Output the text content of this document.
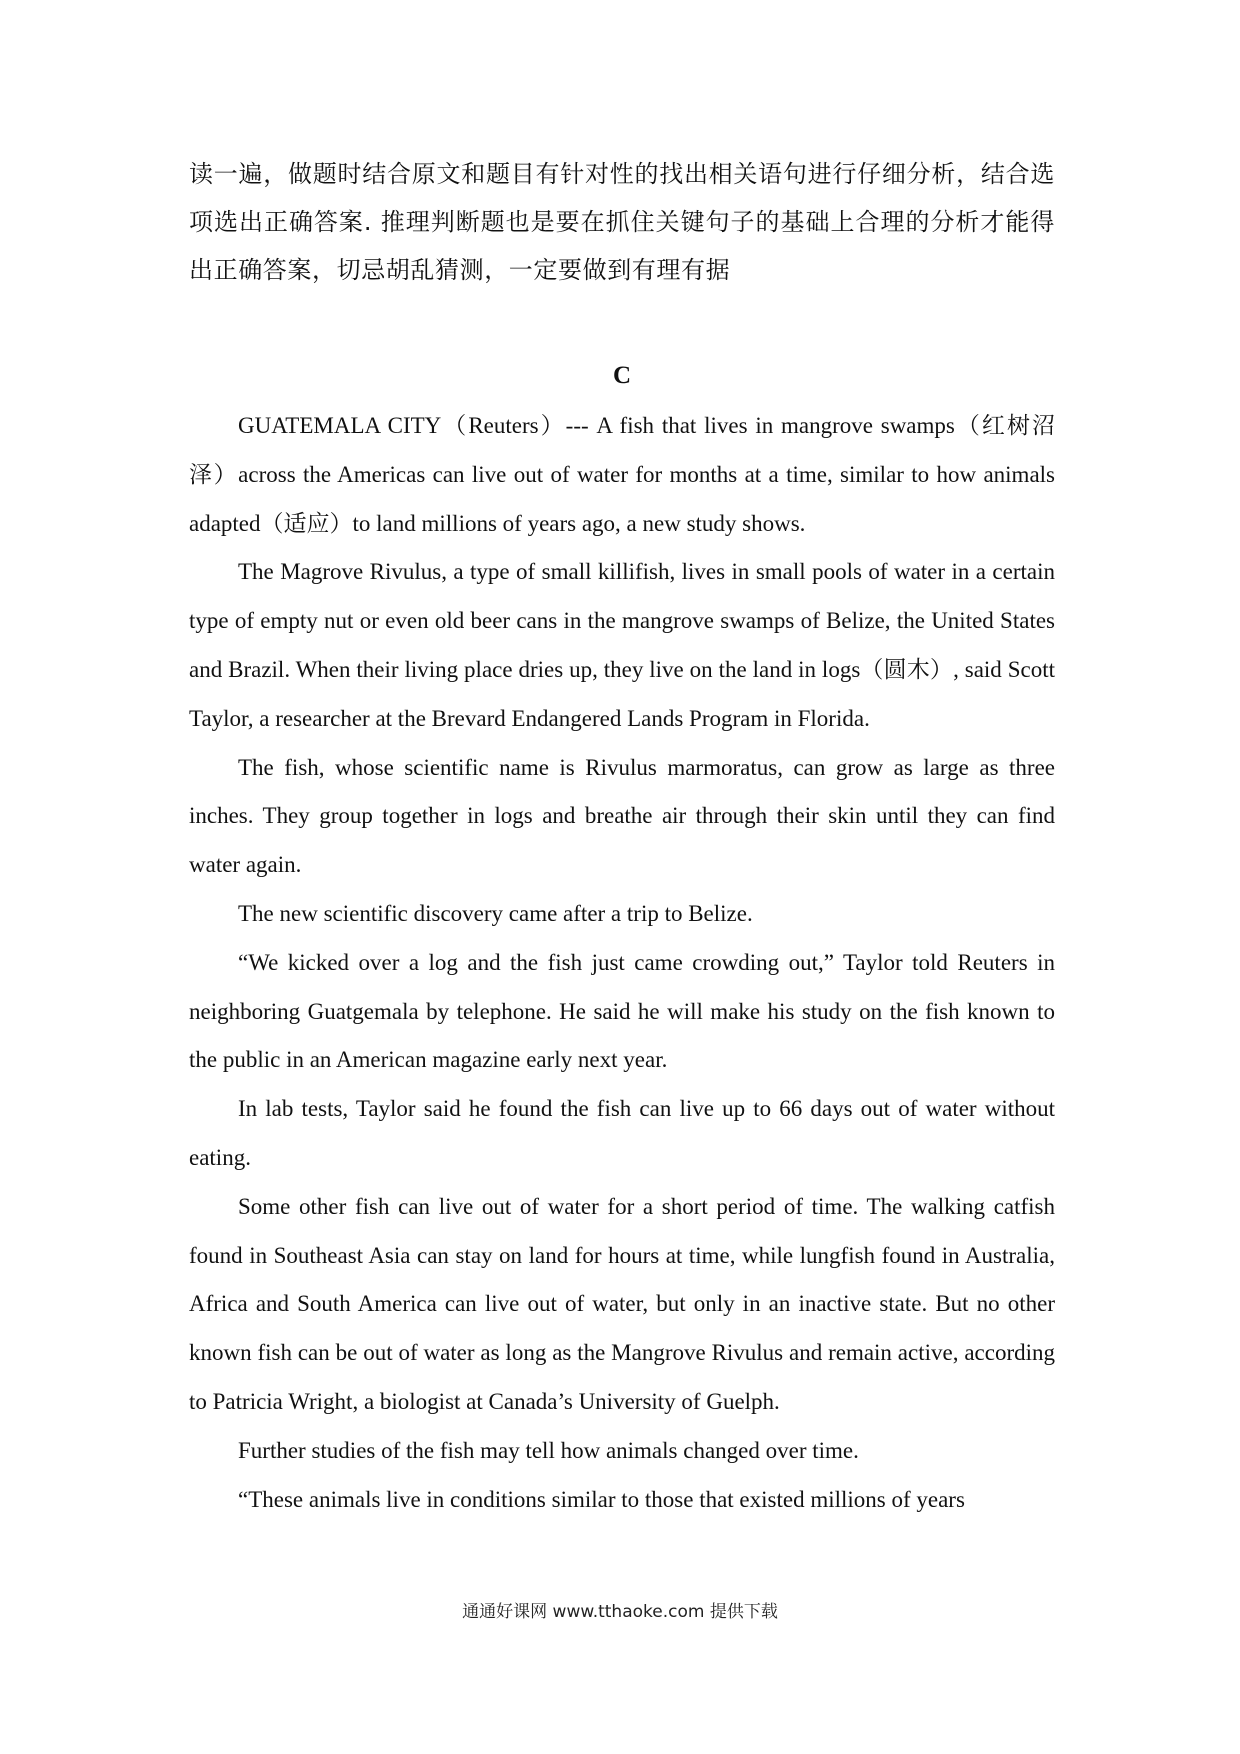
读一遍，做题时结合原文和题目有针对性的找出相关语句进行仔细分析，结合选项选出正确答案. 推理判断题也是要在抓住关键句子的基础上合理的分析才能得出正确答案，切忌胡乱猜测，一定要做到有理有据

C

GUATEMALA CITY（Reuters）--- A fish that lives in mangrove swamps（红树沼泽）across the Americas can live out of water for months at a time, similar to how animals adapted（适应）to land millions of years ago, a new study shows.

The Magrove Rivulus, a type of small killifish, lives in small pools of water in a certain type of empty nut or even old beer cans in the mangrove swamps of Belize, the United States and Brazil. When their living place dries up, they live on the land in logs（圆木）, said Scott Taylor, a researcher at the Brevard Endangered Lands Program in Florida.

The fish, whose scientific name is Rivulus marmoratus, can grow as large as three inches. They group together in logs and breathe air through their skin until they can find water again.

The new scientific discovery came after a trip to Belize.

“We kicked over a log and the fish just came crowding out,” Taylor told Reuters in neighboring Guatgemala by telephone. He said he will make his study on the fish known to the public in an American magazine early next year.

In lab tests, Taylor said he found the fish can live up to 66 days out of water without eating.

Some other fish can live out of water for a short period of time. The walking catfish found in Southeast Asia can stay on land for hours at time, while lungfish found in Australia, Africa and South America can live out of water, but only in an inactive state. But no other known fish can be out of water as long as the Mangrove Rivulus and remain active, according to Patricia Wright, a biologist at Canada’s University of Guelph.

Further studies of the fish may tell how animals changed over time.

“These animals live in conditions similar to those that existed millions of years

通通好课网 www.tthaoke.com 提供下载
